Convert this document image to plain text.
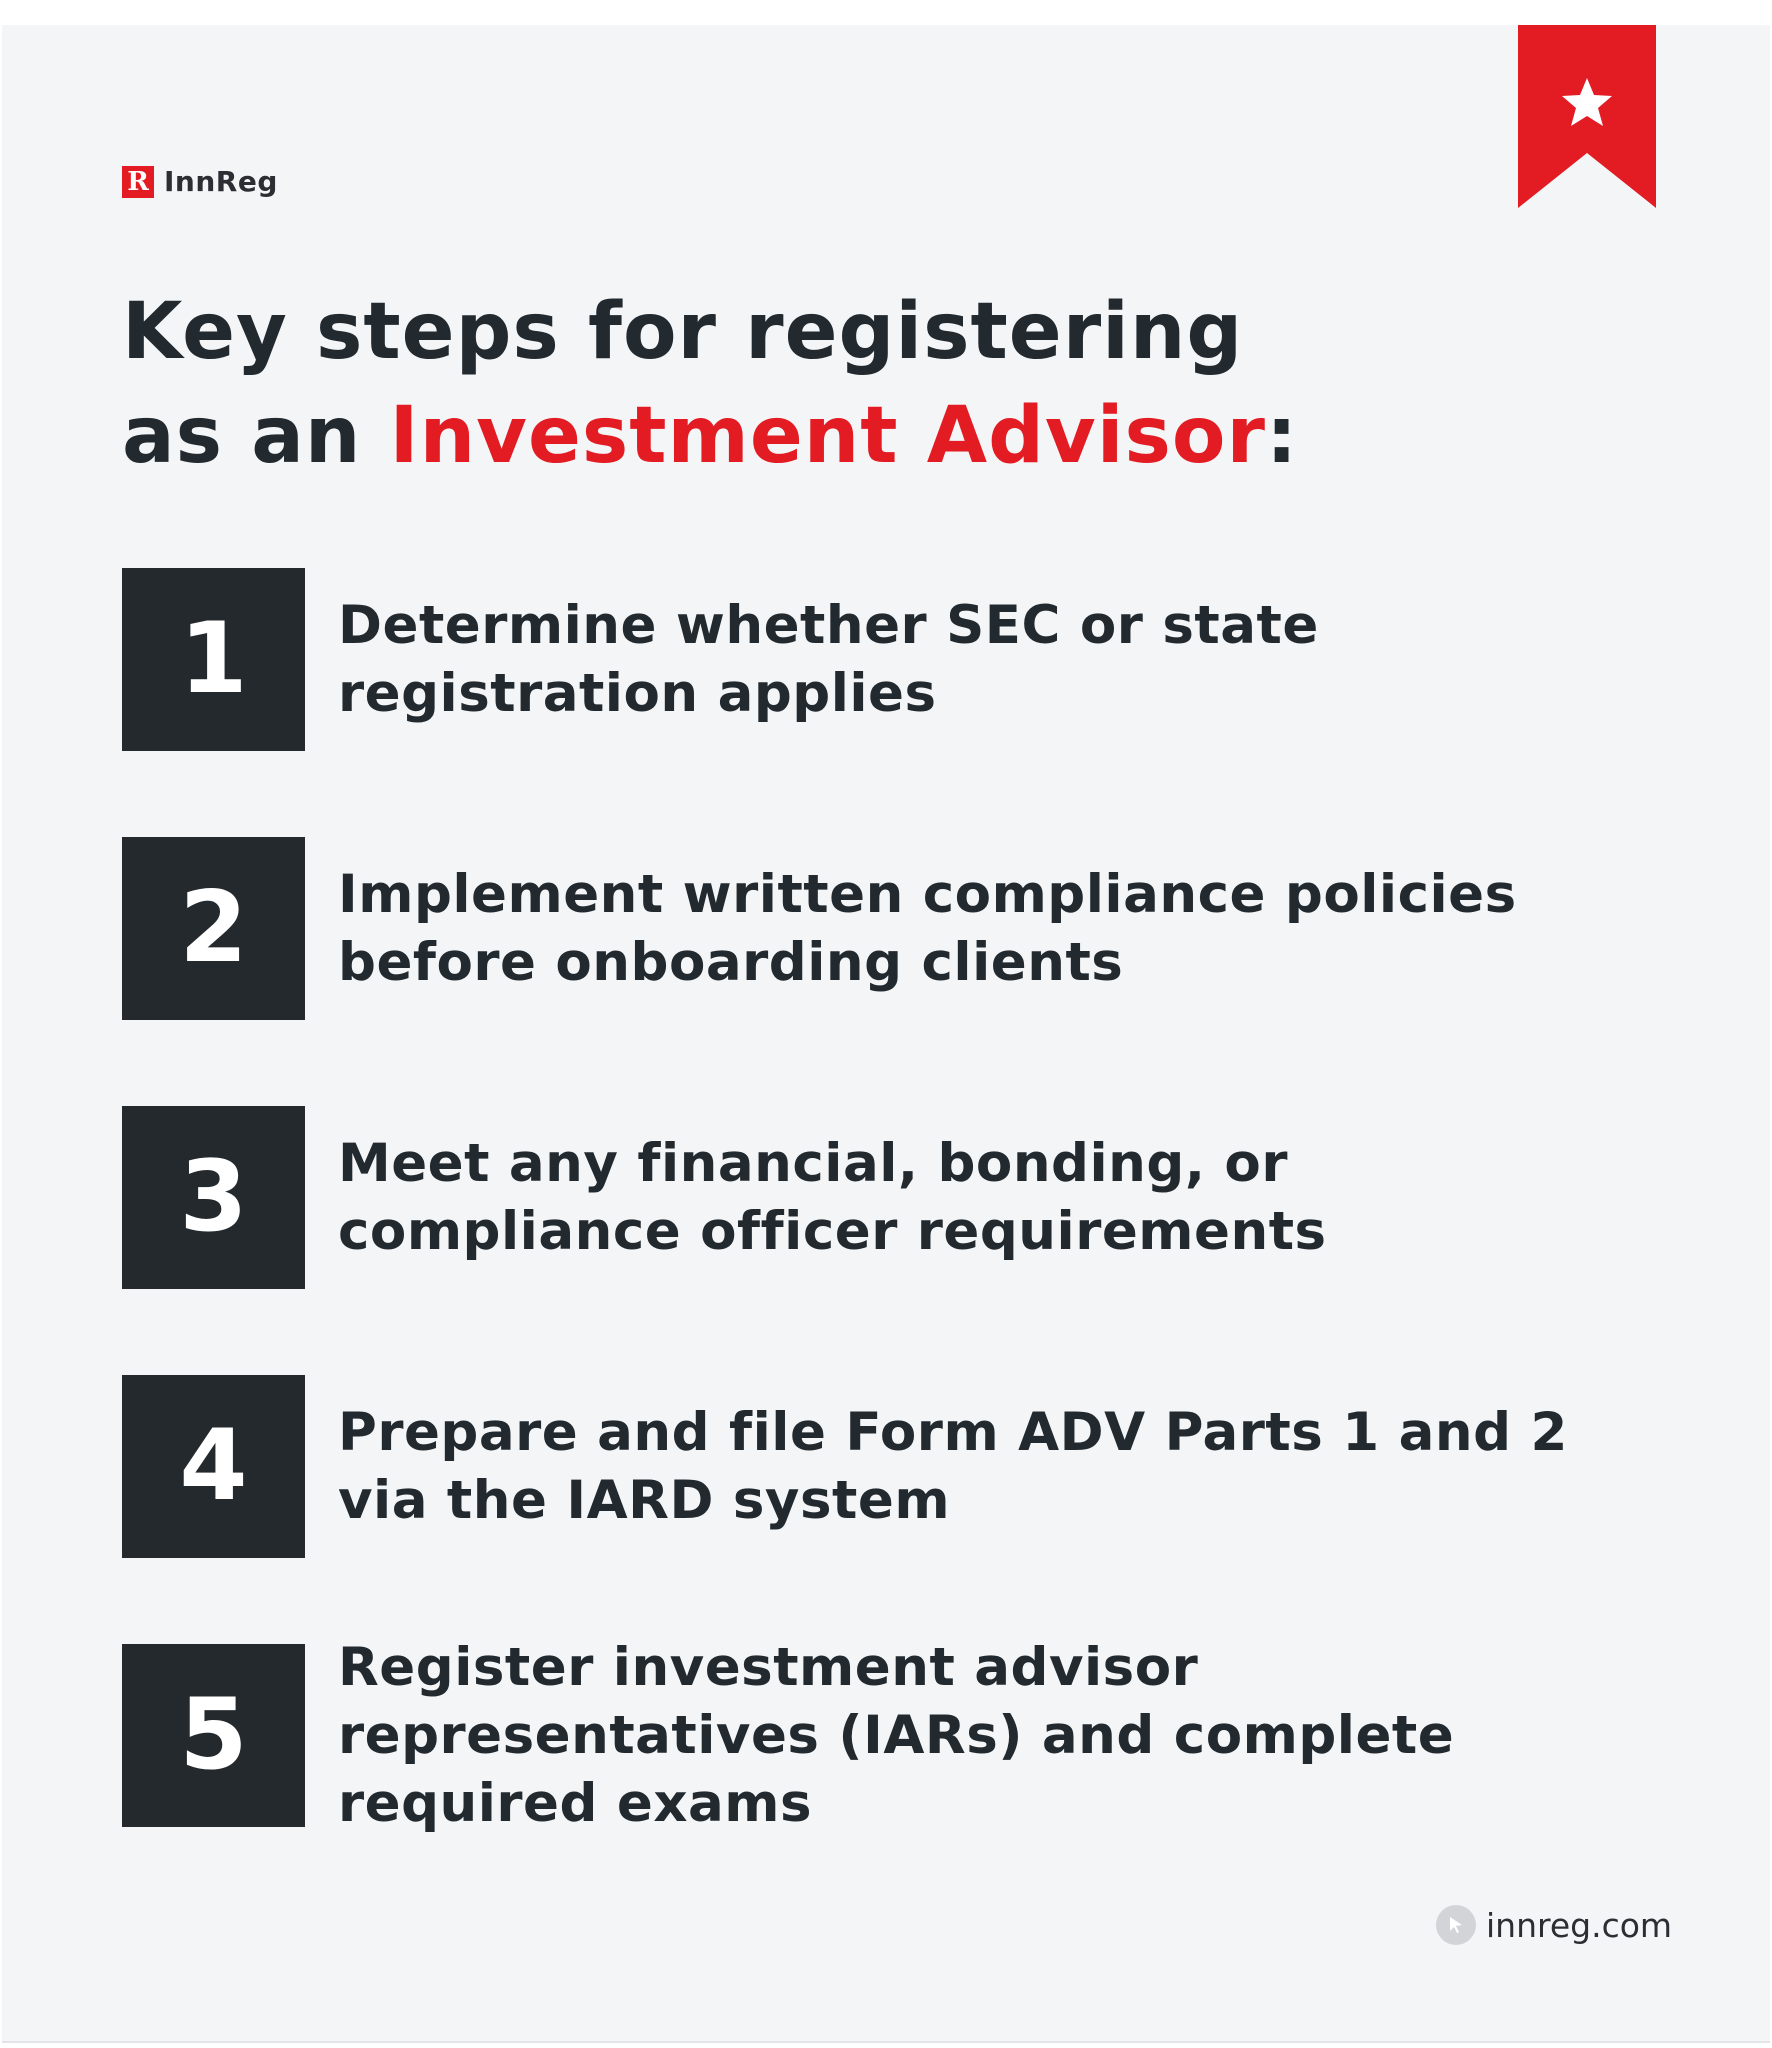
R InnReg
Key steps for registering
as an Investment Advisor:
1	Determine whether SEC or state
registration applies
2	Implement written compliance policies
before onboarding clients
3	Meet any financial, bonding, or
compliance officer requirements
4	Prepare and file Form ADV Parts 1 and 2
via the IARD system
5
Register investment advisor
representatives (IARs) and complete
required exams
innreg.com
